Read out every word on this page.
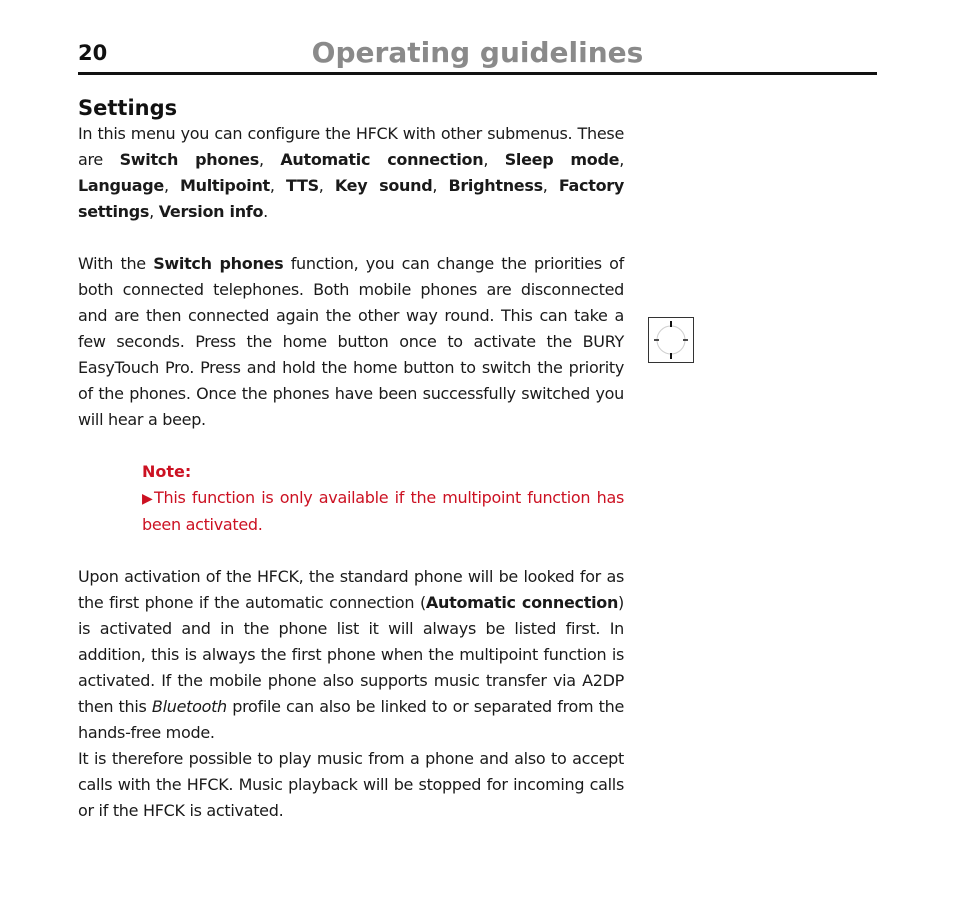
20	Operating guidelines
Settings

In this menu you can configure the HFCK with other submenus. These are Switch phones, Automatic connection, Sleep mode, Language, Multipoint, TTS, Key sound, Brightness, Factory settings, Version info.

With the Switch phones function, you can change the priorities of both connected telephones. Both mobile phones are disconnected and are then connected again the other way round. This can take a few seconds. Press the home button once to activate the BURY EasyTouch Pro. Press and hold the home button to switch the priority of the phones. Once the phones have been successfully switched you will hear a beep.

Note:

▶This function is only available if the multipoint function has been activated.

Upon activation of the HFCK, the standard phone will be looked for as the first phone if the automatic connection (Automatic connection) is activated and in the phone list it will always be listed first. In addition, this is always the first phone when the multipoint function is activated. If the mobile phone also supports music transfer via A2DP then this Bluetooth profile can also be linked to or separated from the hands-free mode.

It is therefore possible to play music from a phone and also to accept calls with the HFCK. Music playback will be stopped for incoming calls or if the HFCK is activated.
